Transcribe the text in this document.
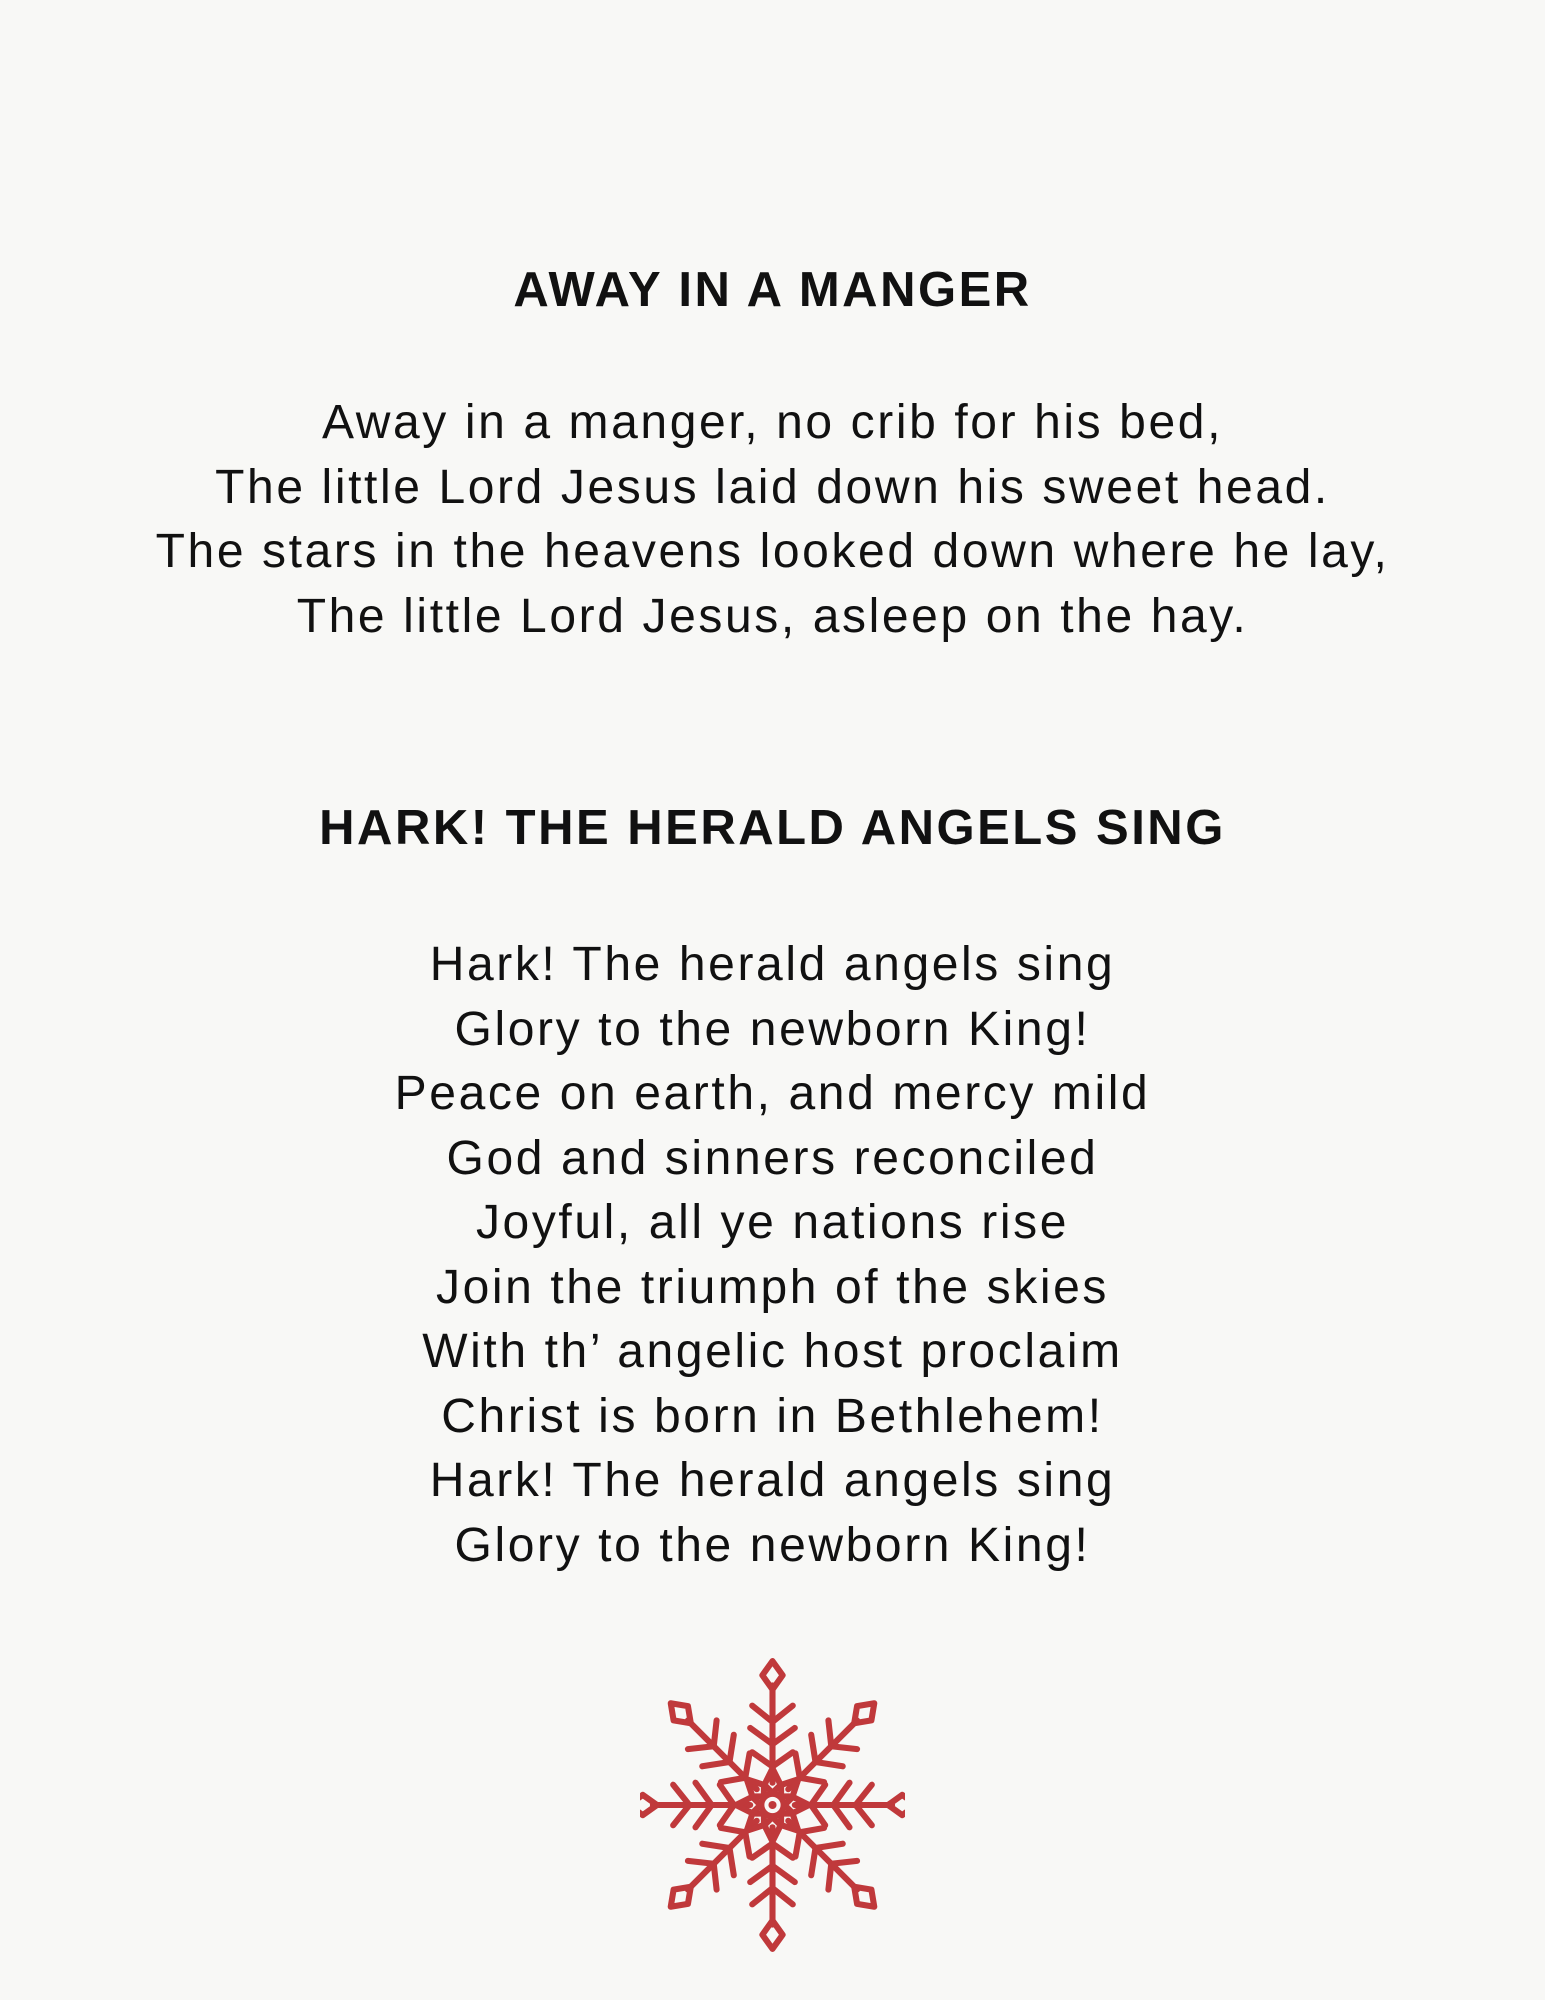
AWAY IN A MANGER
Away in a manger, no crib for his bed,
The little Lord Jesus laid down his sweet head.
The stars in the heavens looked down where he lay,
The little Lord Jesus, asleep on the hay.
HARK! THE HERALD ANGELS SING
Hark! The herald angels sing
Glory to the newborn King!
Peace on earth, and mercy mild
God and sinners reconciled
Joyful, all ye nations rise
Join the triumph of the skies
With th’ angelic host proclaim
Christ is born in Bethlehem!
Hark! The herald angels sing
Glory to the newborn King!
